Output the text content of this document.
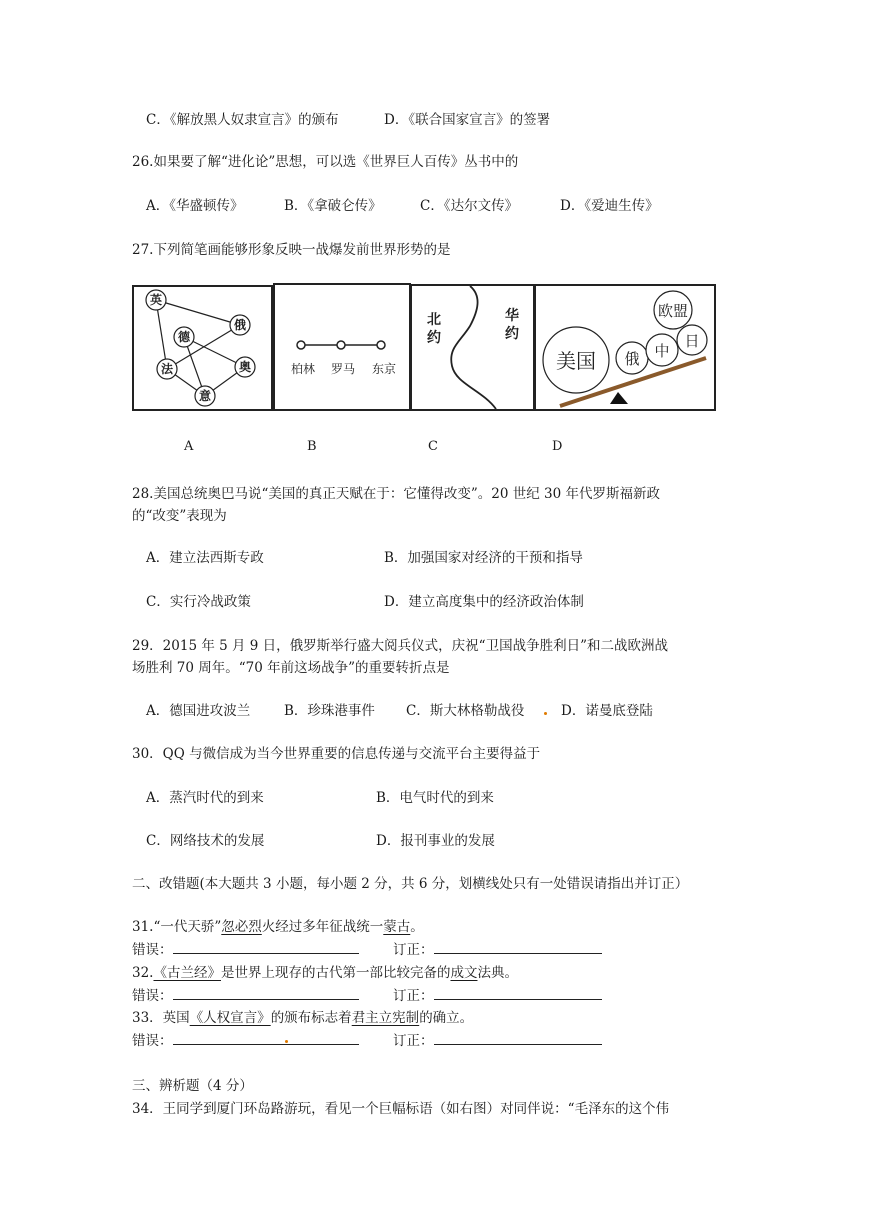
C．《解放黑人奴隶宣言》的颁布	D．《联合国家宣言》的签署
26.如果要了解“进化论”思想，可以选《世界巨人百传》丛书中的
A．《华盛顿传》	B．《拿破仑传》	C．《达尔文传》	D．《爱迪生传》
27.下列简笔画能够形象反映一战爆发前世界形势的是
英
俄
德
法	奥
意
柏林 罗马 东京
北
约
华
约
美国 俄 中
日
欧盟
A	B	C	D
28.美国总统奥巴马说“美国的真正天赋在于：它懂得改变”。20 世纪 30 年代罗斯福新政
的“改变”表现为
A．建立法西斯专政	B．加强国家对经济的干预和指导
C．实行冷战政策	D．建立高度集中的经济政治体制
29．2015 年 5 月 9 日，俄罗斯举行盛大阅兵仪式，庆祝“卫国战争胜利日”和二战欧洲战
场胜利 70 周年。“70 年前这场战争”的重要转折点是
A．德国进攻波兰	B．珍珠港事件 C．斯大林格勒战役	D．诺曼底登陆
30．QQ 与微信成为当今世界重要的信息传递与交流平台主要得益于
A．蒸汽时代的到来	B．电气时代的到来
C．网络技术的发展	D．报刊事业的发展
二、改错题(本大题共 3 小题，每小题 2 分，共 6 分，划横线处只有一处错误请指出并订正）
31.“一代天骄”忽必烈火经过多年征战统一蒙古。
错误：	订正：
32.《古兰经》是世界上现存的古代第一部比较完备的成文法典。
错误：	订正：
33．英国《人权宣言》的颁布标志着君主立宪制的确立。
错误：	订正：
三、辨析题（4 分）
34．王同学到厦门环岛路游玩，看见一个巨幅标语（如右图）对同伴说：“毛泽东的这个伟
